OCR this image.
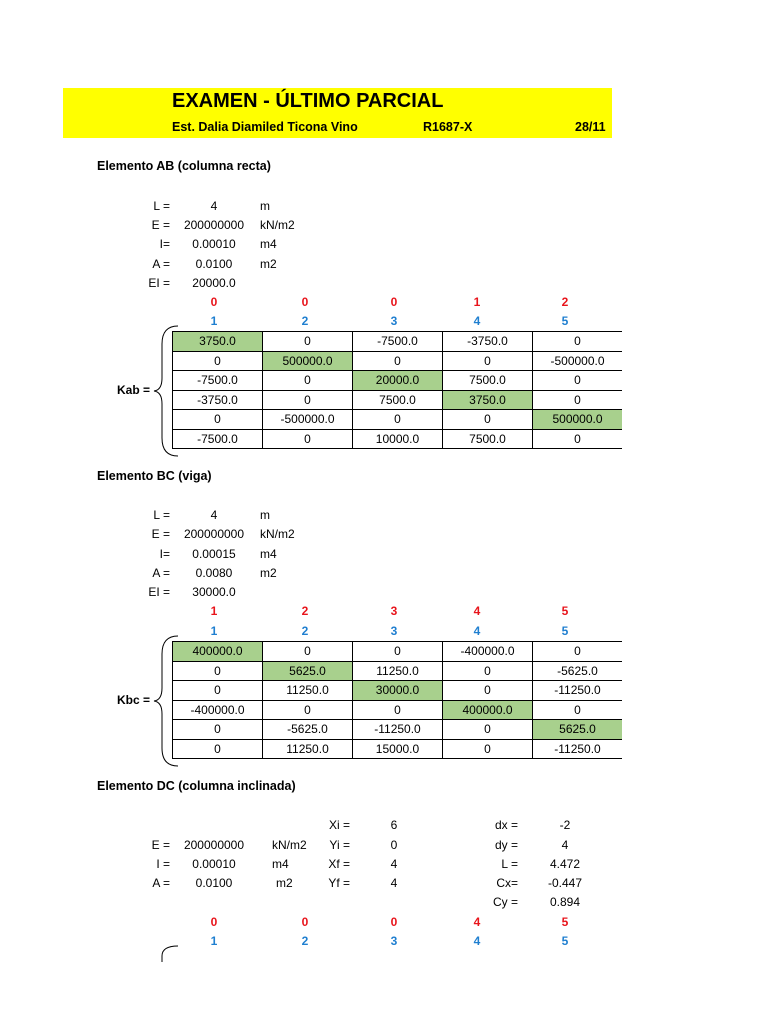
EXAMEN - ÚLTIMO PARCIAL
Est. Dalia Diamiled Ticona Vino	R1687-X	28/11
Elemento AB (columna recta)
L =	4	m
E =	200000000	kN/m2
I=	0.00010	m4
A =	0.0100	m2
EI =	20000.0
0	0	0	1	2
1	2	3	4	5
Kab =
3750.0	0	-7500.0	-3750.0	0
0	500000.0	0	0	-500000.0
-7500.0	0	20000.0	7500.0	0
-3750.0	0	7500.0	3750.0	0
0	-500000.0	0	0	500000.0
-7500.0	0	10000.0	7500.0	0
Elemento BC (viga)
L =	4	m
E =	200000000	kN/m2
I=	0.00015	m4
A =	0.0080	m2
EI =	30000.0
1	2	3	4	5
1	2	3	4	5
Kbc =
400000.0	0	0	-400000.0	0
0	5625.0	11250.0	0	-5625.0
0	11250.0	30000.0	0	-11250.0
-400000.0	0	0	400000.0	0
0	-5625.0	-11250.0	0	5625.0
0	11250.0	15000.0	0	-11250.0
Elemento DC (columna inclinada)
E =	200000000	kN/m2
I =	0.00010	m4
A =	0.0100	m2
Xi =	6
Yi =	0
Xf =	4
Yf =	4
dx =	-2
dy =	4
L =	4.472
Cx=	-0.447
Cy =	0.894
0	0	0	4	5
1	2	3	4	5
